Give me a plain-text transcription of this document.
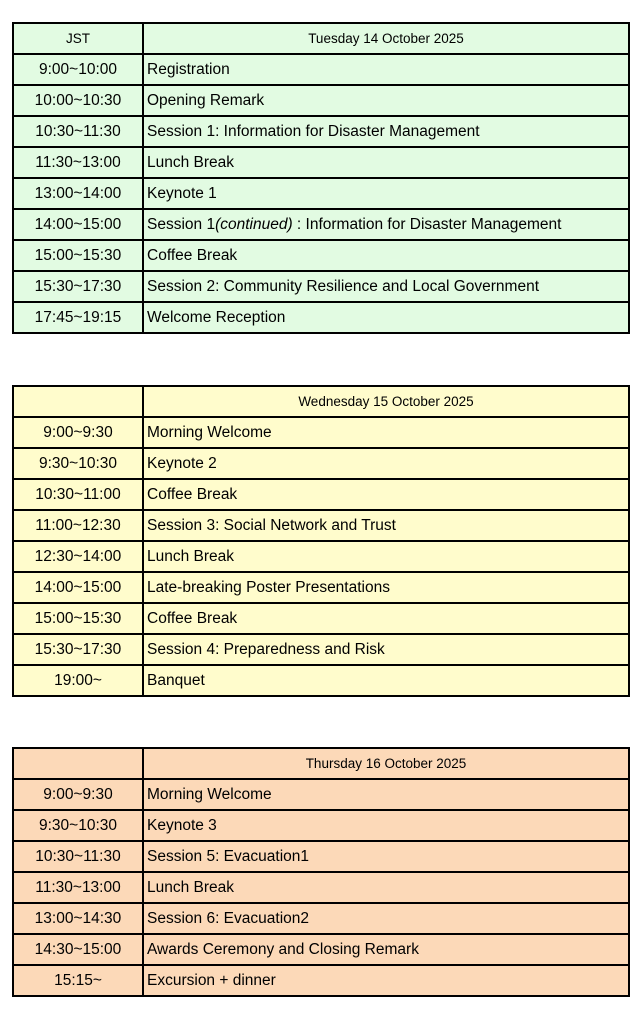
JST	Tuesday 14 October 2025
9:00~10:00	Registration
10:00~10:30	Opening Remark
10:30~11:30	Session 1: Information for Disaster Management
11:30~13:00	Lunch Break
13:00~14:00	Keynote 1
14:00~15:00	Session 1(continued) : Information for Disaster Management
15:00~15:30	Coffee Break
15:30~17:30	Session 2: Community Resilience and Local Government
17:45~19:15	Welcome Reception
	Wednesday 15 October 2025
9:00~9:30	Morning Welcome
9:30~10:30	Keynote 2
10:30~11:00	Coffee Break
11:00~12:30	Session 3: Social Network and Trust
12:30~14:00	Lunch Break
14:00~15:00	Late-breaking Poster Presentations
15:00~15:30	Coffee Break
15:30~17:30	Session 4: Preparedness and Risk
19:00~	Banquet
	Thursday 16 October 2025
9:00~9:30	Morning Welcome
9:30~10:30	Keynote 3
10:30~11:30	Session 5: Evacuation1
11:30~13:00	Lunch Break
13:00~14:30	Session 6: Evacuation2
14:30~15:00	Awards Ceremony and Closing Remark
15:15~	Excursion + dinner
